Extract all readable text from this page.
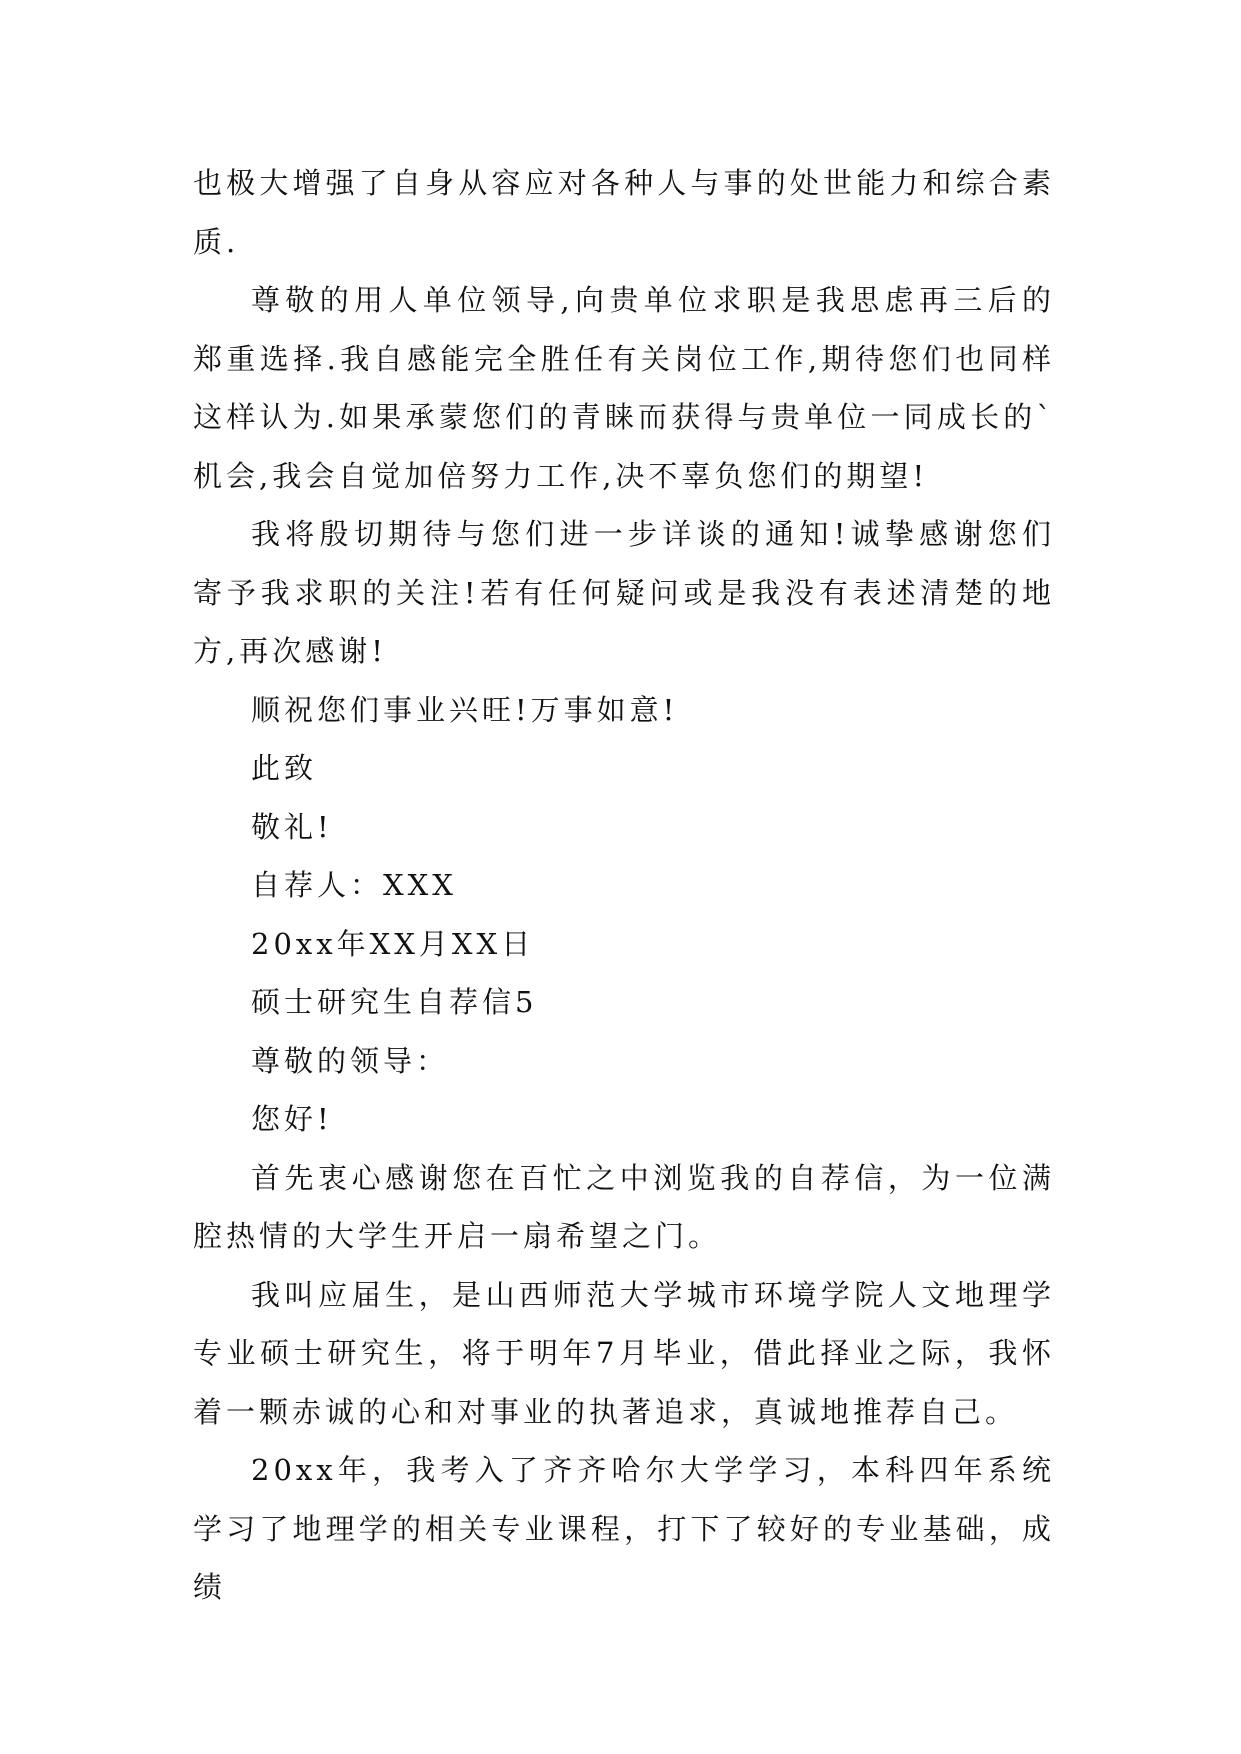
也极大增强了自身从容应对各种人与事的处世能力和综合素质.

尊敬的用人单位领导,向贵单位求职是我思虑再三后的郑重选择.我自感能完全胜任有关岗位工作,期待您们也同样这样认为.如果承蒙您们的青睐而获得与贵单位一同成长的`机会,我会自觉加倍努力工作,决不辜负您们的期望!

我将殷切期待与您们进一步详谈的通知!诚挚感谢您们寄予我求职的关注!若有任何疑问或是我没有表述清楚的地方,再次感谢!

顺祝您们事业兴旺!万事如意!

此致

敬礼!

自荐人：XXX

20xx年XX月XX日

硕士研究生自荐信5

尊敬的领导：

您好!

首先衷心感谢您在百忙之中浏览我的自荐信，为一位满腔热情的大学生开启一扇希望之门。

我叫应届生，是山西师范大学城市环境学院人文地理学专业硕士研究生，将于明年7月毕业，借此择业之际，我怀着一颗赤诚的心和对事业的执著追求，真诚地推荐自己。

20xx年，我考入了齐齐哈尔大学学习，本科四年系统学习了地理学的相关专业课程，打下了较好的专业基础，成绩
